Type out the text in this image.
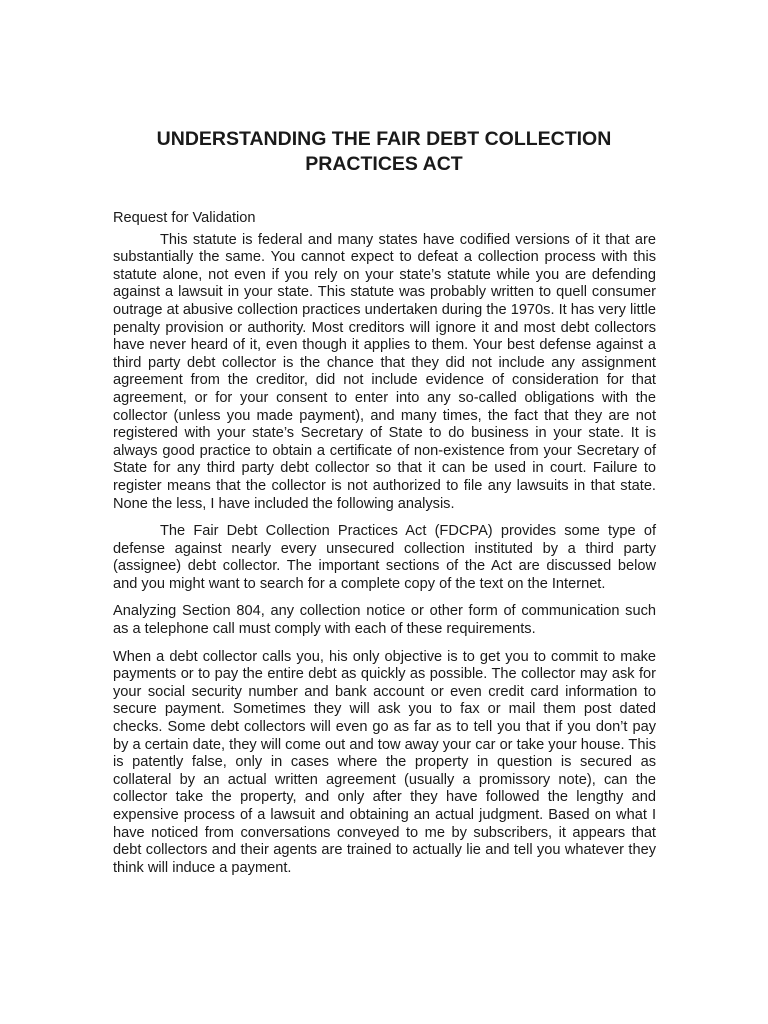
UNDERSTANDING THE FAIR DEBT COLLECTION
PRACTICES ACT

Request for Validation

This statute is federal and many states have codified versions of it that are substantially the same. You cannot expect to defeat a collection process with this statute alone, not even if you rely on your state’s statute while you are defending against a lawsuit in your state. This statute was probably written to quell consumer outrage at abusive collection practices undertaken during the 1970s. It has very little penalty provision or authority. Most creditors will ignore it and most debt collectors have never heard of it, even though it applies to them. Your best defense against a third party debt collector is the chance that they did not include any assignment agreement from the creditor, did not include evidence of consideration for that agreement, or for your consent to enter into any so-called obligations with the collector (unless you made payment), and many times, the fact that they are not registered with your state’s Secretary of State to do business in your state. It is always good practice to obtain a certificate of non-existence from your Secretary of State for any third party debt collector so that it can be used in court. Failure to register means that the collector is not authorized to file any lawsuits in that state. None the less, I have included the following analysis.

The Fair Debt Collection Practices Act (FDCPA) provides some type of defense against nearly every unsecured collection instituted by a third party (assignee) debt collector. The important sections of the Act are discussed below and you might want to search for a complete copy of the text on the Internet.

Analyzing Section 804, any collection notice or other form of communication such as a telephone call must comply with each of these requirements.

When a debt collector calls you, his only objective is to get you to commit to make payments or to pay the entire debt as quickly as possible. The collector may ask for your social security number and bank account or even credit card information to secure payment. Sometimes they will ask you to fax or mail them post dated checks. Some debt collectors will even go as far as to tell you that if you don’t pay by a certain date, they will come out and tow away your car or take your house. This is patently false, only in cases where the property in question is secured as collateral by an actual written agreement (usually a promissory note), can the collector take the property, and only after they have followed the lengthy and expensive process of a lawsuit and obtaining an actual judgment. Based on what I have noticed from conversations conveyed to me by subscribers, it appears that debt collectors and their agents are trained to actually lie and tell you whatever they think will induce a payment.
